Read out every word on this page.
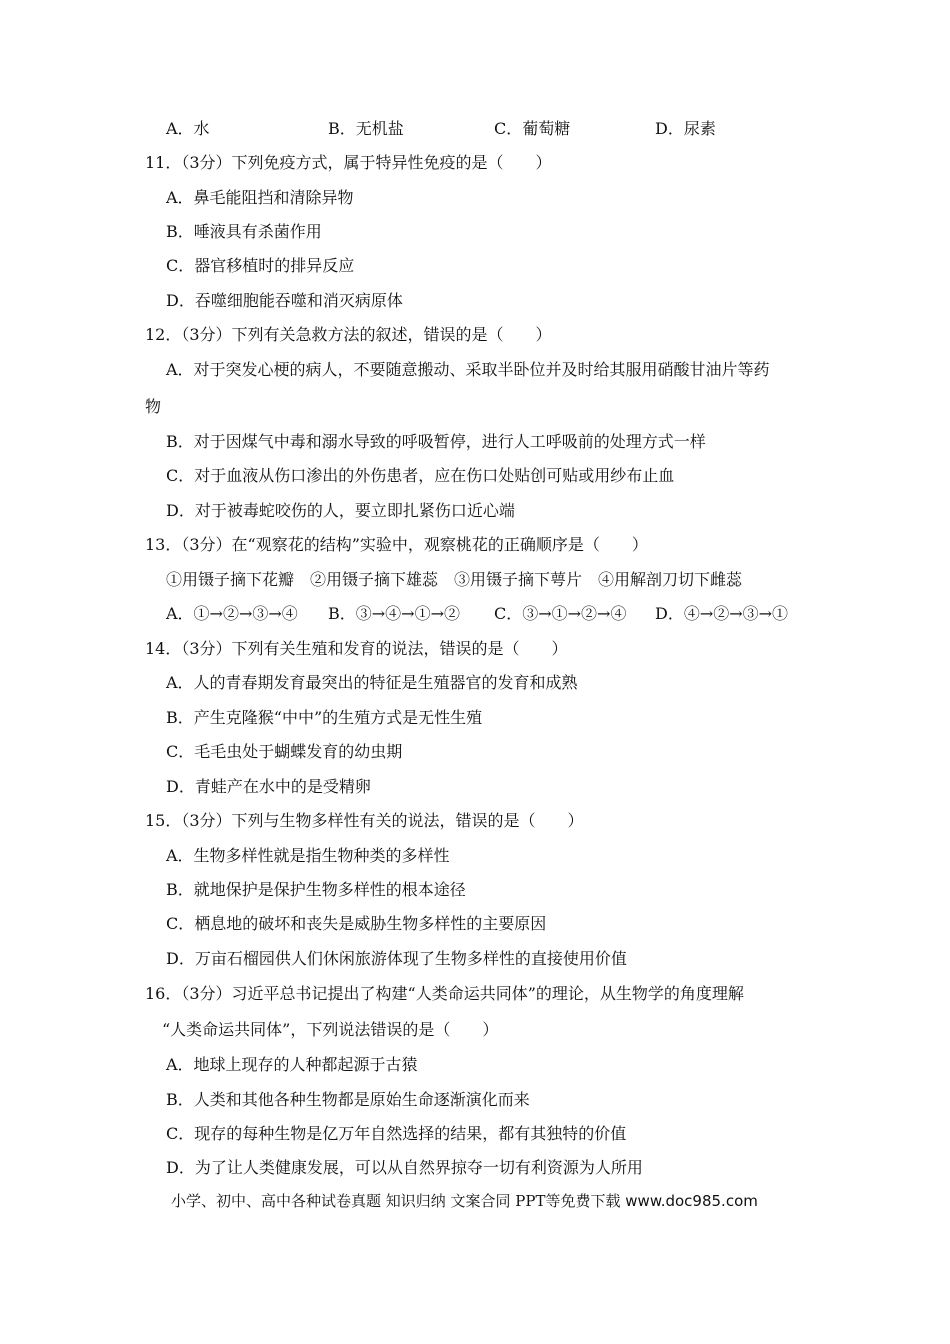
A．水	B．无机盐	C．葡萄糖	D．尿素
11．（3分）下列免疫方式，属于特异性免疫的是（　　）
A．鼻毛能阻挡和清除异物
B．唾液具有杀菌作用
C．器官移植时的排异反应
D．吞噬细胞能吞噬和消灭病原体
12．（3分）下列有关急救方法的叙述，错误的是（　　）
A．对于突发心梗的病人，不要随意搬动、采取半卧位并及时给其服用硝酸甘油片等药
物
B．对于因煤气中毒和溺水导致的呼吸暂停，进行人工呼吸前的处理方式一样
C．对于血液从伤口渗出的外伤患者，应在伤口处贴创可贴或用纱布止血
D．对于被毒蛇咬伤的人，要立即扎紧伤口近心端
13．（3分）在“观察花的结构”实验中，观察桃花的正确顺序是（　　）
①用镊子摘下花瓣　②用镊子摘下雄蕊　③用镊子摘下萼片　④用解剖刀切下雌蕊
A．①→②→③→④ B．③→④→①→② C．③→①→②→④ D．④→②→③→①
14．（3分）下列有关生殖和发育的说法，错误的是（　　）
A．人的青春期发育最突出的特征是生殖器官的发育和成熟
B．产生克隆猴“中中”的生殖方式是无性生殖
C．毛毛虫处于蝴蝶发育的幼虫期
D．青蛙产在水中的是受精卵
15．（3分）下列与生物多样性有关的说法，错误的是（　　）
A．生物多样性就是指生物种类的多样性
B．就地保护是保护生物多样性的根本途径
C．栖息地的破坏和丧失是威胁生物多样性的主要原因
D．万亩石榴园供人们休闲旅游体现了生物多样性的直接使用价值
16．（3分）习近平总书记提出了构建“人类命运共同体”的理论，从生物学的角度理解
“人类命运共同体”，下列说法错误的是（　　）
A．地球上现存的人种都起源于古猿
B．人类和其他各种生物都是原始生命逐渐演化而来
C．现存的每种生物是亿万年自然选择的结果，都有其独特的价值
D．为了让人类健康发展，可以从自然界掠夺一切有利资源为人所用
小学、初中、高中各种试卷真题 知识归纳 文案合同 PPT等免费下载 www.doc985.com
